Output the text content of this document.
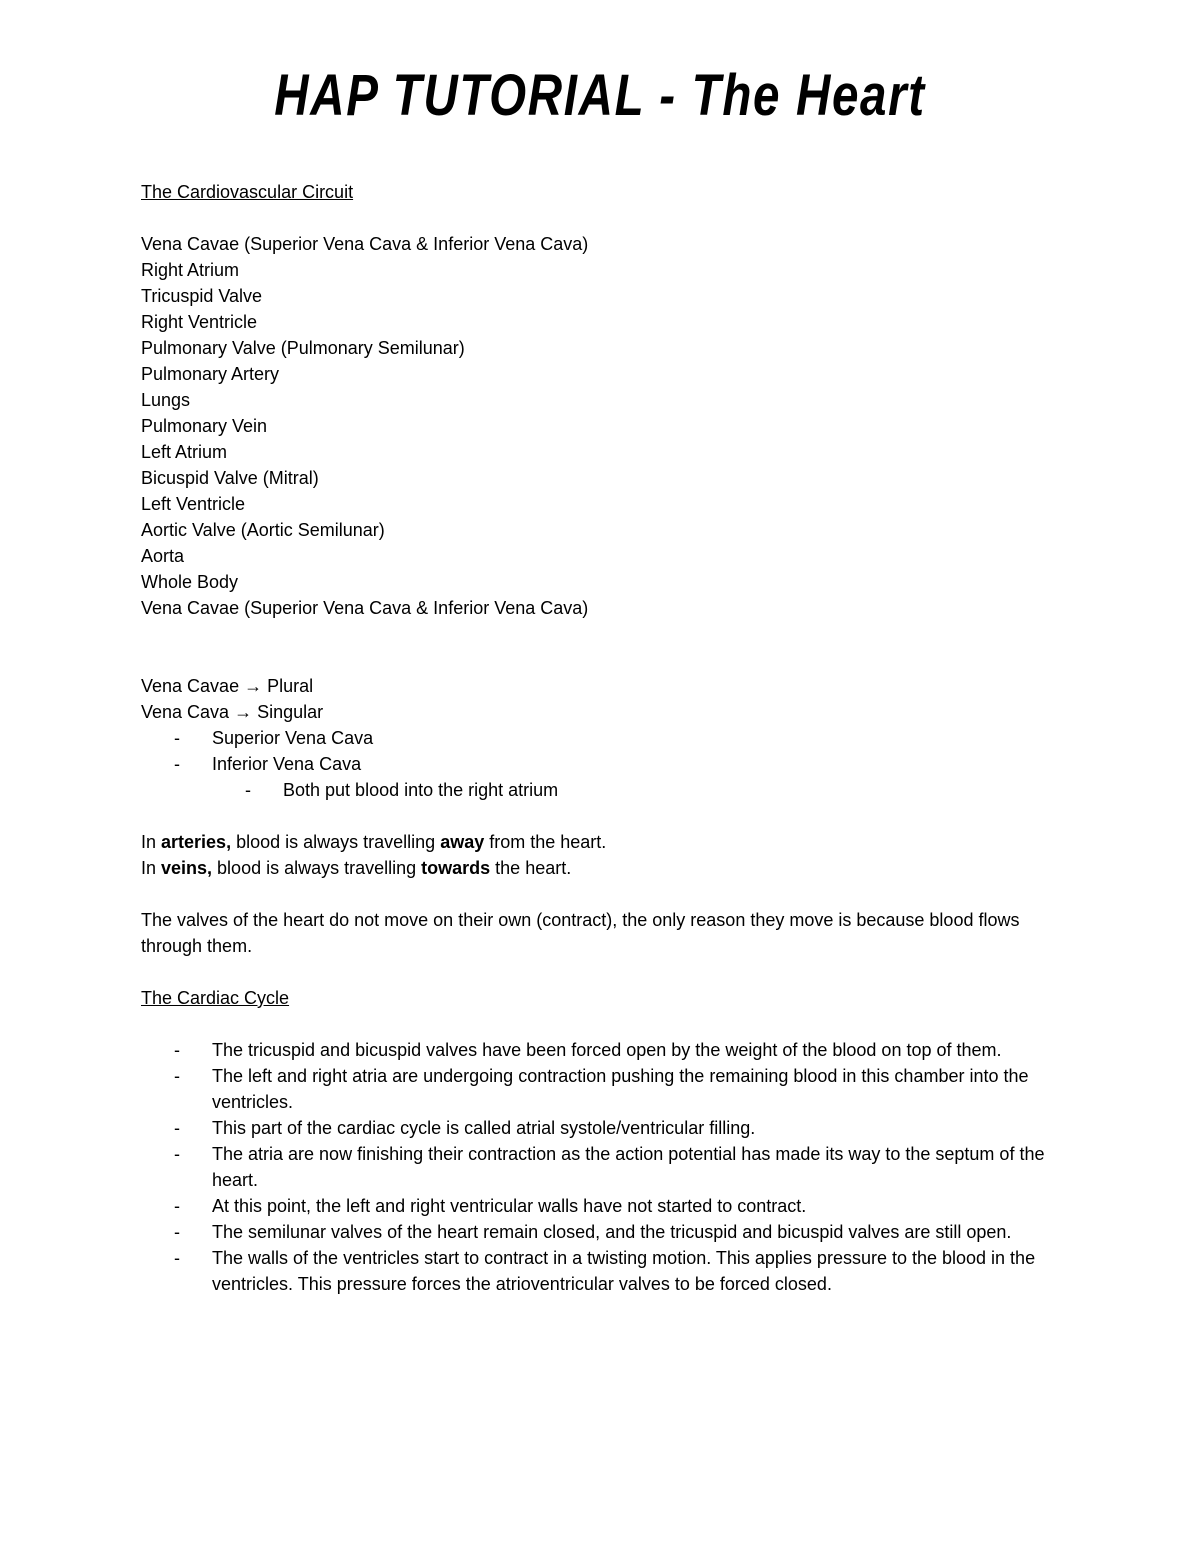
HAP TUTORIAL - The Heart
The Cardiovascular Circuit
Vena Cavae (Superior Vena Cava & Inferior Vena Cava)
Right Atrium
Tricuspid Valve
Right Ventricle
Pulmonary Valve (Pulmonary Semilunar)
Pulmonary Artery
Lungs
Pulmonary Vein
Left Atrium
Bicuspid Valve (Mitral)
Left Ventricle
Aortic Valve (Aortic Semilunar)
Aorta
Whole Body
Vena Cavae (Superior Vena Cava & Inferior Vena Cava)
Vena Cavae → Plural
Vena Cava → Singular
- Superior Vena Cava
- Inferior Vena Cava
- Both put blood into the right atrium
In arteries, blood is always travelling away from the heart.
In veins, blood is always travelling towards the heart.
The valves of the heart do not move on their own (contract), the only reason they move is because blood flows through them.
The Cardiac Cycle
- The tricuspid and bicuspid valves have been forced open by the weight of the blood on top of them.
- The left and right atria are undergoing contraction pushing the remaining blood in this chamber into the ventricles.
- This part of the cardiac cycle is called atrial systole/ventricular filling.
- The atria are now finishing their contraction as the action potential has made its way to the septum of the heart.
- At this point, the left and right ventricular walls have not started to contract.
- The semilunar valves of the heart remain closed, and the tricuspid and bicuspid valves are still open.
- The walls of the ventricles start to contract in a twisting motion. This applies pressure to the blood in the ventricles. This pressure forces the atrioventricular valves to be forced closed.
